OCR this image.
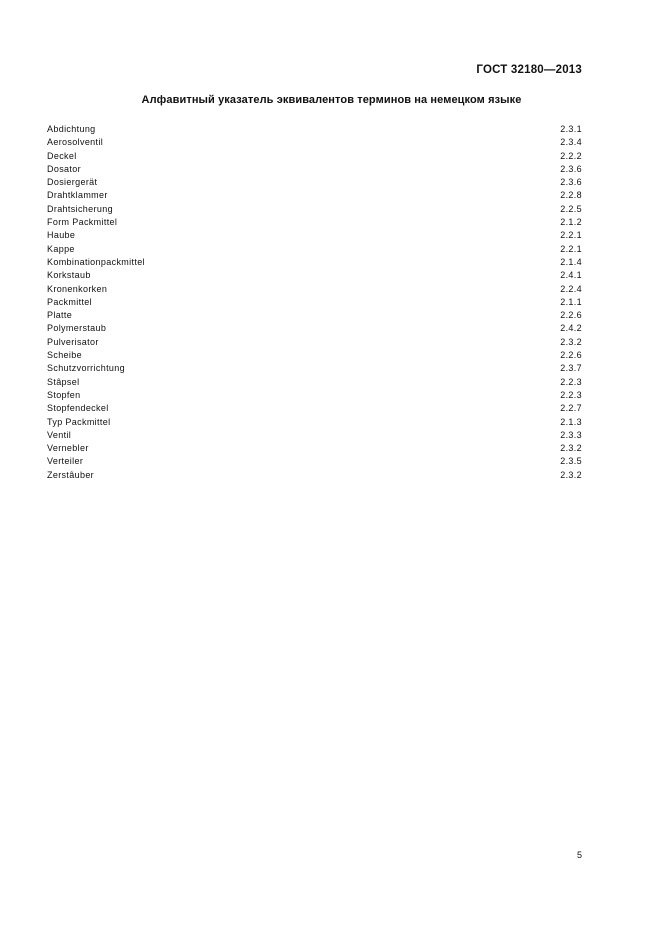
ГОСТ 32180—2013
Алфавитный указатель эквивалентов терминов на немецком языке
Abdichtung	2.3.1
Aerosolventil	2.3.4
Deckel	2.2.2
Dosator	2.3.6
Dosiergerät	2.3.6
Drahtklammer	2.2.8
Drahtsicherung	2.2.5
Form Packmittel	2.1.2
Haube	2.2.1
Kappe	2.2.1
Kombinationpackmittel	2.1.4
Korkstaub	2.4.1
Kronenkorken	2.2.4
Packmittel	2.1.1
Platte	2.2.6
Polymerstaub	2.4.2
Pulverisator	2.3.2
Scheibe	2.2.6
Schutzvorrichtung	2.3.7
Stâpsel	2.2.3
Stopfen	2.2.3
Stopfendeckel	2.2.7
Typ Packmittel	2.1.3
Ventil	2.3.3
Vernebler	2.3.2
Verteiler	2.3.5
Zerstâuber	2.3.2
5
